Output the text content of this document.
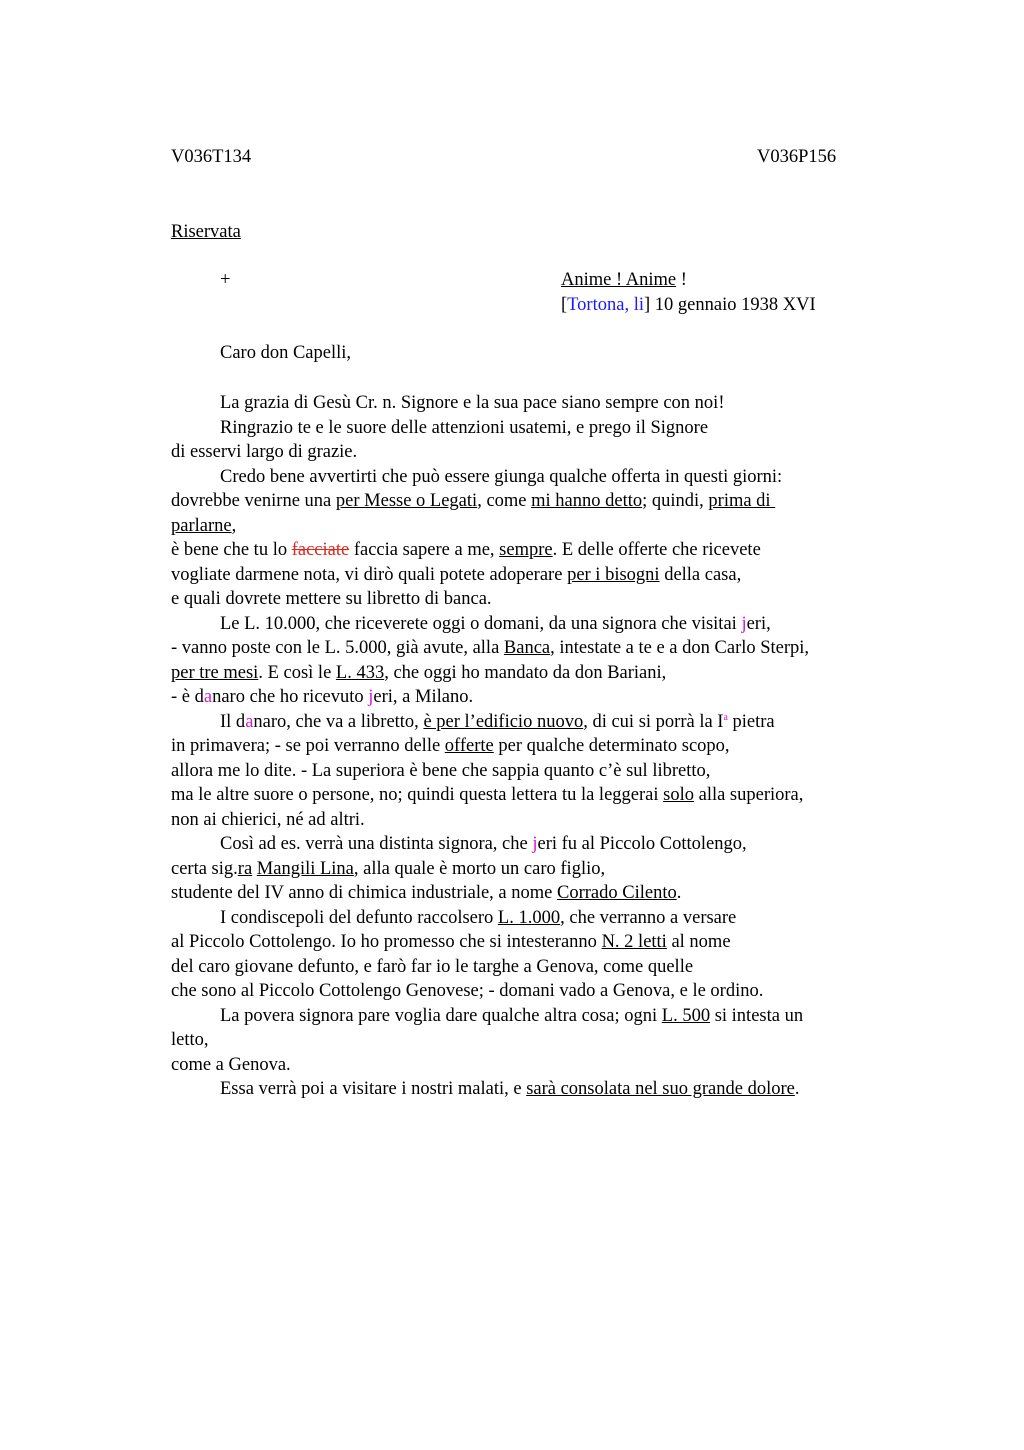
V036T134	V036P156
Riservata
+	Anime ! Anime !
[Tortona, li] 10 gennaio 1938 XVI
Caro don Capelli,
La grazia di Gesù Cr. n. Signore e la sua pace siano sempre con noi!
Ringrazio te e le suore delle attenzioni usatemi, e prego il Signore
di esservi largo di grazie.
Credo bene avvertirti che può essere giunga qualche offerta in questi giorni:
dovrebbe venirne una per Messe o Legati, come mi hanno detto; quindi, prima di
parlarne,
è bene che tu lo facciate faccia sapere a me, sempre. E delle offerte che ricevete
vogliate darmene nota, vi dirò quali potete adoperare per i bisogni della casa,
e quali dovrete mettere su libretto di banca.
Le L. 10.000, che riceverete oggi o domani, da una signora che visitai jeri,
- vanno poste con le L. 5.000, già avute, alla Banca, intestate a te e a don Carlo Sterpi,
per tre mesi. E così le L. 433, che oggi ho mandato da don Bariani,
- è danaro che ho ricevuto jeri, a Milano.
Il danaro, che va a libretto, è per l’edificio nuovo, di cui si porrà la $I^a$ pietra
in primavera; - se poi verranno delle offerte per qualche determinato scopo,
allora me lo dite. - La superiora è bene che sappia quanto c’è sul libretto,
ma le altre suore o persone, no; quindi questa lettera tu la leggerai solo alla superiora,
non ai chierici, né ad altri.
Così ad es. verrà una distinta signora, che jeri fu al Piccolo Cottolengo,
certa sig.ra Mangili Lina, alla quale è morto un caro figlio,
studente del IV anno di chimica industriale, a nome Corrado Cilento.
I condiscepoli del defunto raccolsero L. 1.000, che verranno a versare
al Piccolo Cottolengo. Io ho promesso che si intesteranno N. 2 letti al nome
del caro giovane defunto, e farò far io le targhe a Genova, come quelle
che sono al Piccolo Cottolengo Genovese; - domani vado a Genova, e le ordino.
La povera signora pare voglia dare qualche altra cosa; ogni L. 500 si intesta un
letto,
come a Genova.
Essa verrà poi a visitare i nostri malati, e sarà consolata nel suo grande dolore.
